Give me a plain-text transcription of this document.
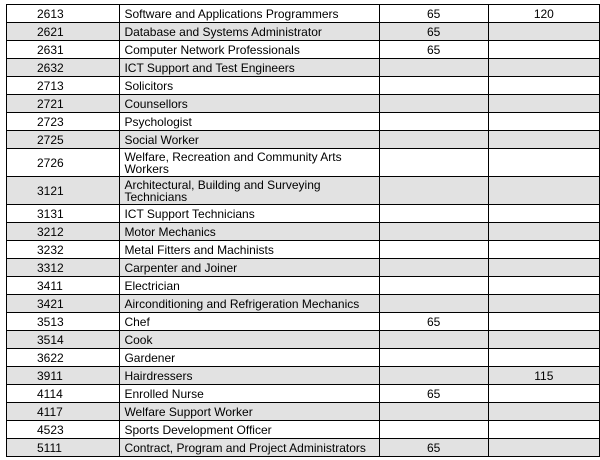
2613	Software and Applications Programmers	65	120

2621	Database and Systems Administrator	65	

2631	Computer Network Professionals	65	

2632	ICT Support and Test Engineers		

2713	Solicitors		

2721	Counsellors		

2723	Psychologist		

2725	Social Worker		

2726	Welfare, Recreation and Community Arts Workers		

3121	Architectural, Building and Surveying Technicians		

3131	ICT Support Technicians		

3212	Motor Mechanics		

3232	Metal Fitters and Machinists		

3312	Carpenter and Joiner		

3411	Electrician		

3421	Airconditioning and Refrigeration Mechanics		

3513	Chef	65	

3514	Cook		

3622	Gardener		

3911	Hairdressers		115

4114	Enrolled Nurse	65	

4117	Welfare Support Worker		

4523	Sports Development Officer		

5111	Contract, Program and Project Administrators	65	
